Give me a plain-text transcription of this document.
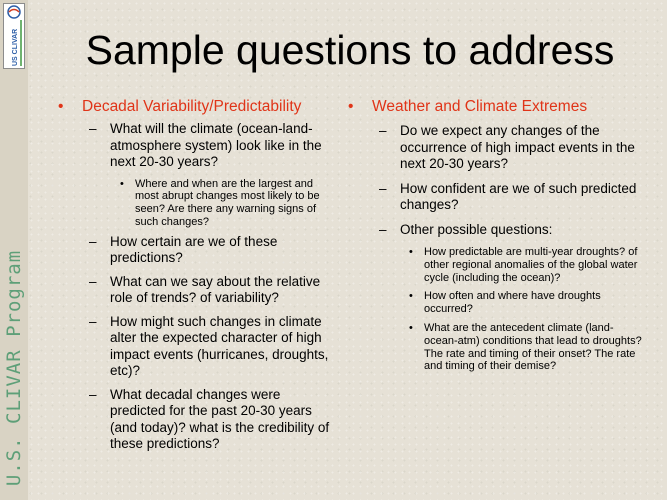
US CLIVAR
U.S. CLIVAR Program
Sample questions to address
• Decadal Variability/Predictability
– What will the climate (ocean-land-atmosphere system) look like in the next 20-30 years?
• Where and when are the largest and most abrupt changes most likely to be seen? Are there any warning signs of such changes?
– How certain are we of these predictions?
– What can we say about the relative role of trends? of variability?
– How might such changes in climate alter the expected character of high impact events (hurricanes, droughts, etc)?
– What decadal changes were predicted for the past 20-30 years (and today)? what is the credibility of these predictions?
• Weather and Climate Extremes
– Do we expect any changes of the occurrence of high impact events in the next 20-30 years?
– How confident are we of such predicted changes?
– Other possible questions:
• How predictable are multi-year droughts? of other regional anomalies of the global water cycle (including the ocean)?
• How often and where have droughts occurred?
• What are the antecedent climate (land-ocean-atm) conditions that lead to droughts? The rate and timing of their onset? The rate and timing of their demise?
